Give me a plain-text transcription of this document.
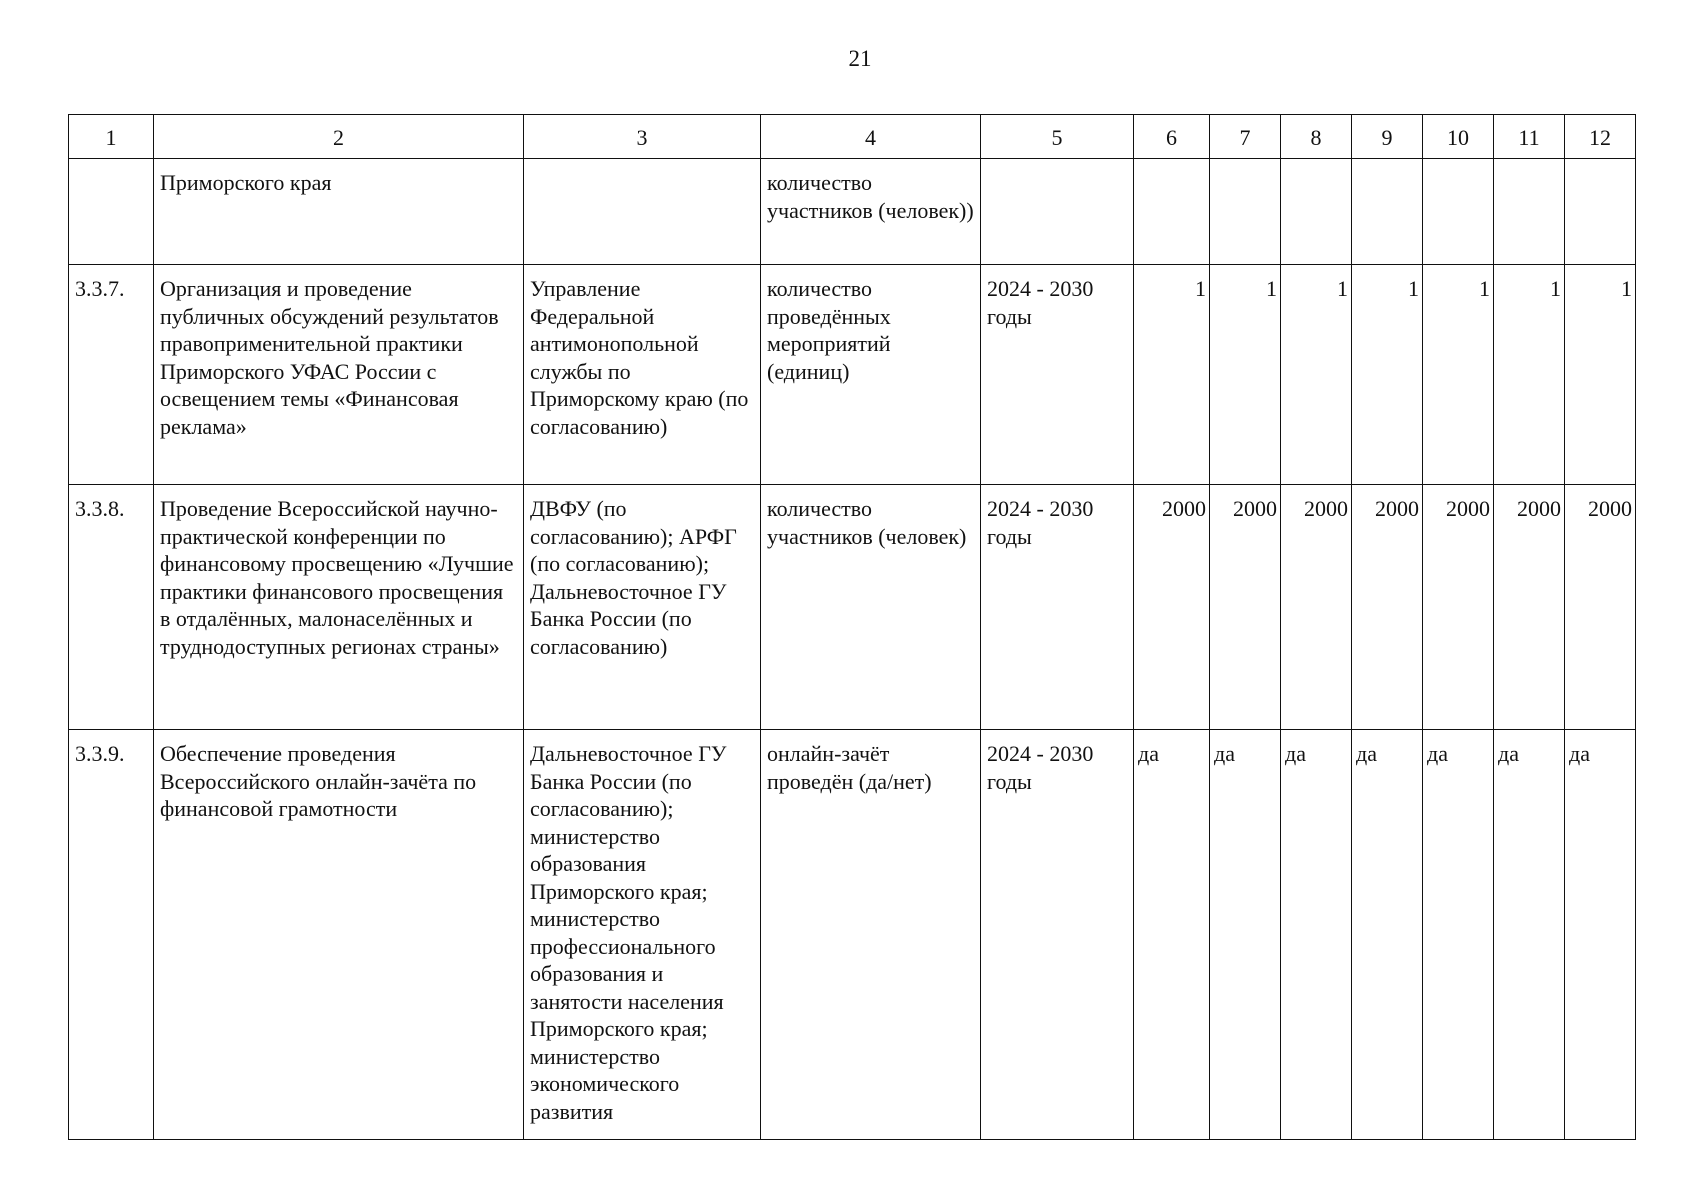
21
1	2	3	4	5	6	7	8	9	10	11	12
	Приморского края		количество участников (человек))								
3.3.7.	Организация и проведение публичных обсуждений результатов правоприменительной практики Приморского УФАС России с освещением темы «Финансовая реклама»	Управление Федеральной антимонопольной службы по Приморскому краю (по согласованию)	количество проведённых мероприятий (единиц)	2024 - 2030 годы	1	1	1	1	1	1	1
3.3.8.	Проведение Всероссийской научно-практической конференции по финансовому просвещению «Лучшие практики финансового просвещения в отдалённых, малонаселённых и труднодоступных регионах страны»	ДВФУ (по согласованию); АРФГ (по согласованию); Дальневосточное ГУ Банка России (по согласованию)	количество участников (человек)	2024 - 2030 годы	2000	2000	2000	2000	2000	2000	2000
3.3.9.	Обеспечение проведения Всероссийского онлайн-зачёта по финансовой грамотности	Дальневосточное ГУ Банка России (по согласованию); министерство образования Приморского края; министерство профессионального образования и занятости населения Приморского края; министерство экономического развития	онлайн-зачёт проведён (да/нет)	2024 - 2030 годы	да	да	да	да	да	да	да
